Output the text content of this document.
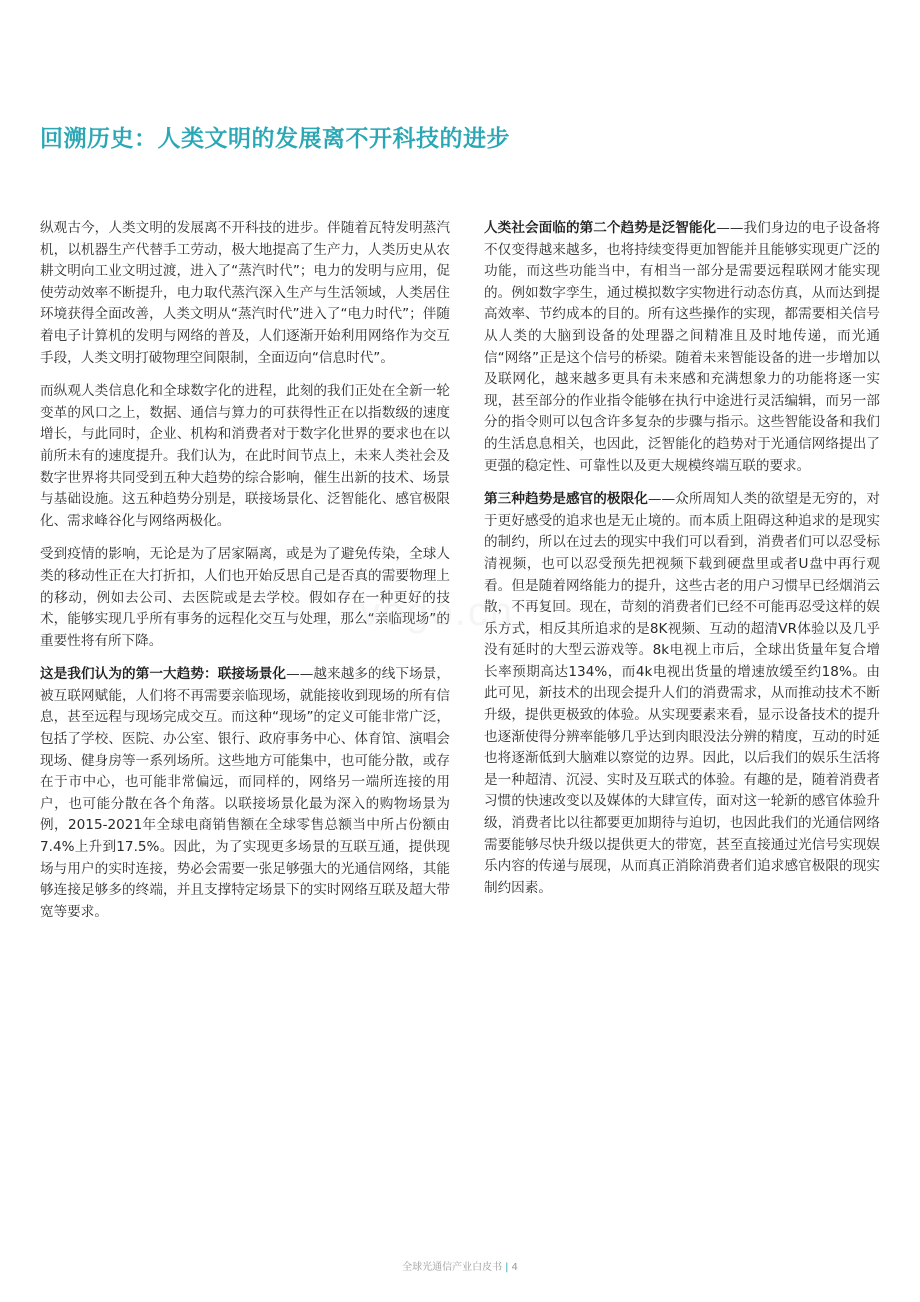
回溯历史：人类文明的发展离不开科技的进步

纵观古今，人类文明的发展离不开科技的进步。伴随着瓦特发明蒸汽机，以机器生产代替手工劳动，极大地提高了生产力，人类历史从农耕文明向工业文明过渡，进入了“蒸汽时代”；电力的发明与应用，促使劳动效率不断提升，电力取代蒸汽深入生产与生活领域，人类居住环境获得全面改善，人类文明从“蒸汽时代”进入了“电力时代”；伴随着电子计算机的发明与网络的普及，人们逐渐开始利用网络作为交互手段，人类文明打破物理空间限制，全面迈向“信息时代”。

而纵观人类信息化和全球数字化的进程，此刻的我们正处在全新一轮变革的风口之上，数据、通信与算力的可获得性正在以指数级的速度增长，与此同时，企业、机构和消费者对于数字化世界的要求也在以前所未有的速度提升。我们认为，在此时间节点上，未来人类社会及数字世界将共同受到五种大趋势的综合影响，催生出新的技术、场景与基础设施。这五种趋势分别是，联接场景化、泛智能化、感官极限化、需求峰谷化与网络两极化。

受到疫情的影响，无论是为了居家隔离，或是为了避免传染，全球人类的移动性正在大打折扣，人们也开始反思自己是否真的需要物理上的移动，例如去公司、去医院或是去学校。假如存在一种更好的技术，能够实现几乎所有事务的远程化交互与处理，那么“亲临现场”的重要性将有所下降。

这是我们认为的第一大趋势：联接场景化——越来越多的线下场景，被互联网赋能，人们将不再需要亲临现场，就能接收到现场的所有信息，甚至远程与现场完成交互。而这种“现场”的定义可能非常广泛，包括了学校、医院、办公室、银行、政府事务中心、体育馆、演唱会现场、健身房等一系列场所。这些地方可能集中，也可能分散，或存在于市中心，也可能非常偏远，而同样的，网络另一端所连接的用户，也可能分散在各个角落。以联接场景化最为深入的购物场景为例，2015-2021年全球电商销售额在全球零售总额当中所占份额由7.4%上升到17.5%。因此，为了实现更多场景的互联互通，提供现场与用户的实时连接，势必会需要一张足够强大的光通信网络，其能够连接足够多的终端，并且支撑特定场景下的实时网络互联及超大带宽等要求。

人类社会面临的第二个趋势是泛智能化——我们身边的电子设备将不仅变得越来越多，也将持续变得更加智能并且能够实现更广泛的功能，而这些功能当中，有相当一部分是需要远程联网才能实现的。例如数字孪生，通过模拟数字实物进行动态仿真，从而达到提高效率、节约成本的目的。所有这些操作的实现，都需要相关信号从人类的大脑到设备的处理器之间精准且及时地传递，而光通信“网络”正是这个信号的桥梁。随着未来智能设备的进一步增加以及联网化，越来越多更具有未来感和充满想象力的功能将逐一实现，甚至部分的作业指令能够在执行中途进行灵活编辑，而另一部分的指令则可以包含许多复杂的步骤与指示。这些智能设备和我们的生活息息相关，也因此，泛智能化的趋势对于光通信网络提出了更强的稳定性、可靠性以及更大规模终端互联的要求。

第三种趋势是感官的极限化——众所周知人类的欲望是无穷的，对于更好感受的追求也是无止境的。而本质上阻碍这种追求的是现实的制约，所以在过去的现实中我们可以看到，消费者们可以忍受标清视频，也可以忍受预先把视频下载到硬盘里或者U盘中再行观看。但是随着网络能力的提升，这些古老的用户习惯早已经烟消云散，不再复回。现在，苛刻的消费者们已经不可能再忍受这样的娱乐方式，相反其所追求的是8K视频、互动的超清VR体验以及几乎没有延时的大型云游戏等。8k电视上市后，全球出货量年复合增长率预期高达134%，而4k电视出货量的增速放缓至约18%。由此可见，新技术的出现会提升人们的消费需求，从而推动技术不断升级，提供更极致的体验。从实现要素来看，显示设备技术的提升也逐渐使得分辨率能够几乎达到肉眼没法分辨的精度，互动的时延也将逐渐低到大脑难以察觉的边界。因此，以后我们的娱乐生活将是一种超清、沉浸、实时及互联式的体验。有趣的是，随着消费者习惯的快速改变以及媒体的大肆宣传，面对这一轮新的感官体验升级，消费者比以往都要更加期待与迫切，也因此我们的光通信网络需要能够尽快升级以提供更大的带宽，甚至直接通过光信号实现娱乐内容的传递与展现，从而真正消除消费者们追求感官极限的现实制约因素。

vogo.cn
全球光通信产业白皮书 | 4
